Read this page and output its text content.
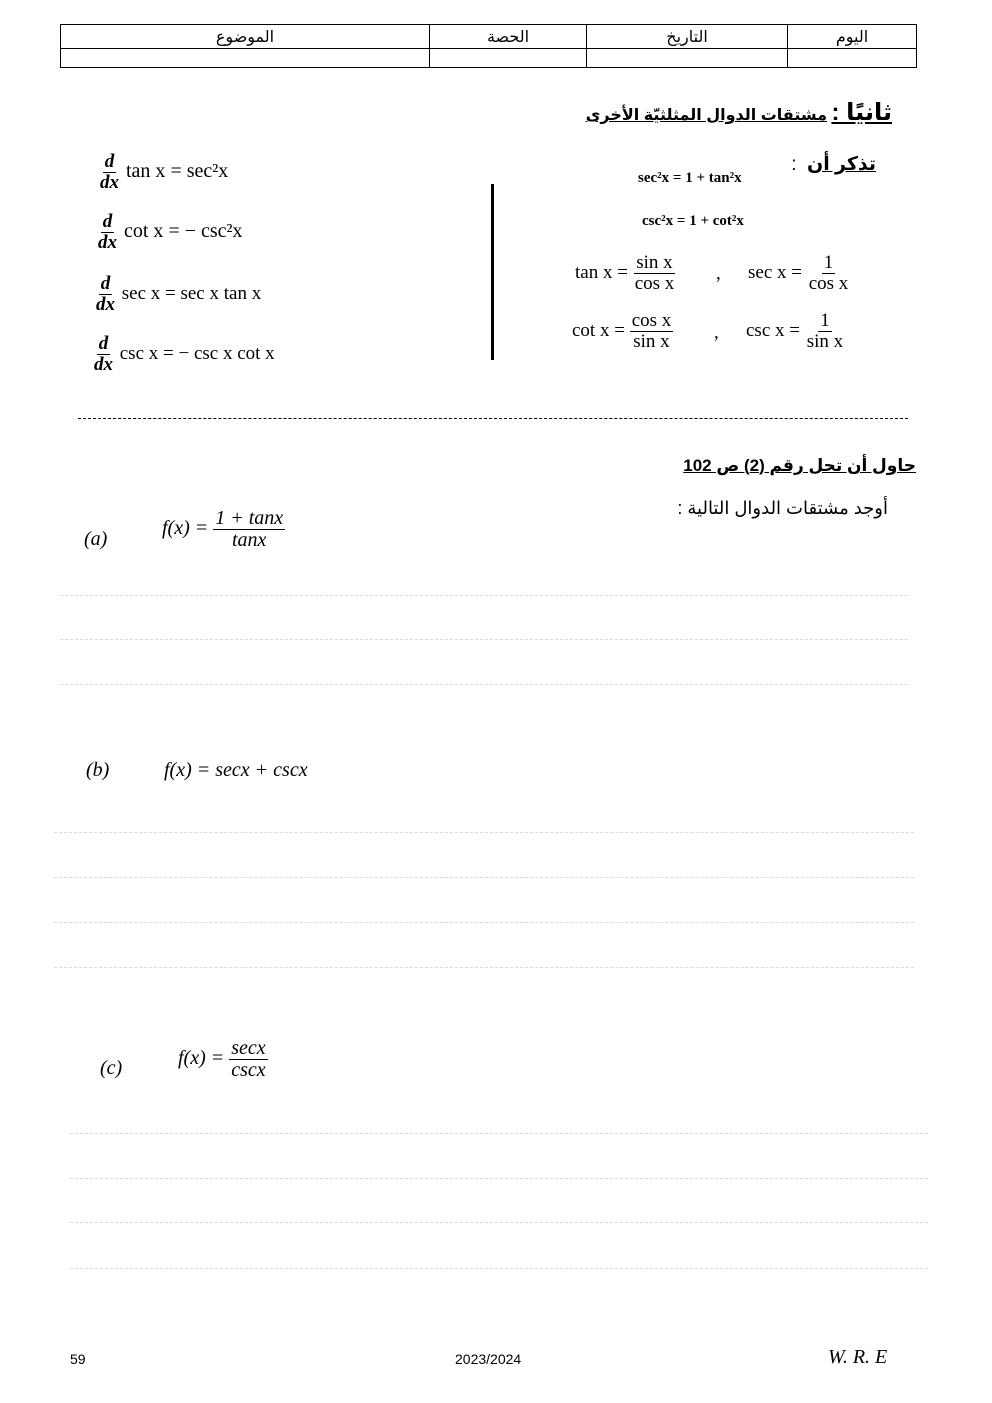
اليوم	التاريخ	الحصة	الموضوع

ثانيًا : مشتقات الدوال المثلثيّة الأخرى
$\frac{d}{dx}$ tan x = sec²x
$\frac{d}{dx}$ cot x = − csc²x
$\frac{d}{dx}$ sec x = sec x tan x
$\frac{d}{dx}$ csc x = − csc x cot x
تذكر أن :
sec²x = 1 + tan²x
csc²x = 1 + cot²x
$\tan x = \frac{\text{sin x}}{\text{cos x}}$ , $\sec x = \frac{1}{\text{cos x}}$
$\cot x = \frac{\text{cos x}}{\text{sin x}}$ , $\csc x = \frac{1}{\text{sin x}}$
حاول أن تحل رقم (2) ص 102
أوجد مشتقات الدوال التالية :
(a)	$f(x) = \frac{1 + \tan x}{\tan x}$
(b)	f(x) = secx + cscx
(c)	$f(x) = \frac{\sec x}{\csc x}$
59	2023/2024	W. R. E
